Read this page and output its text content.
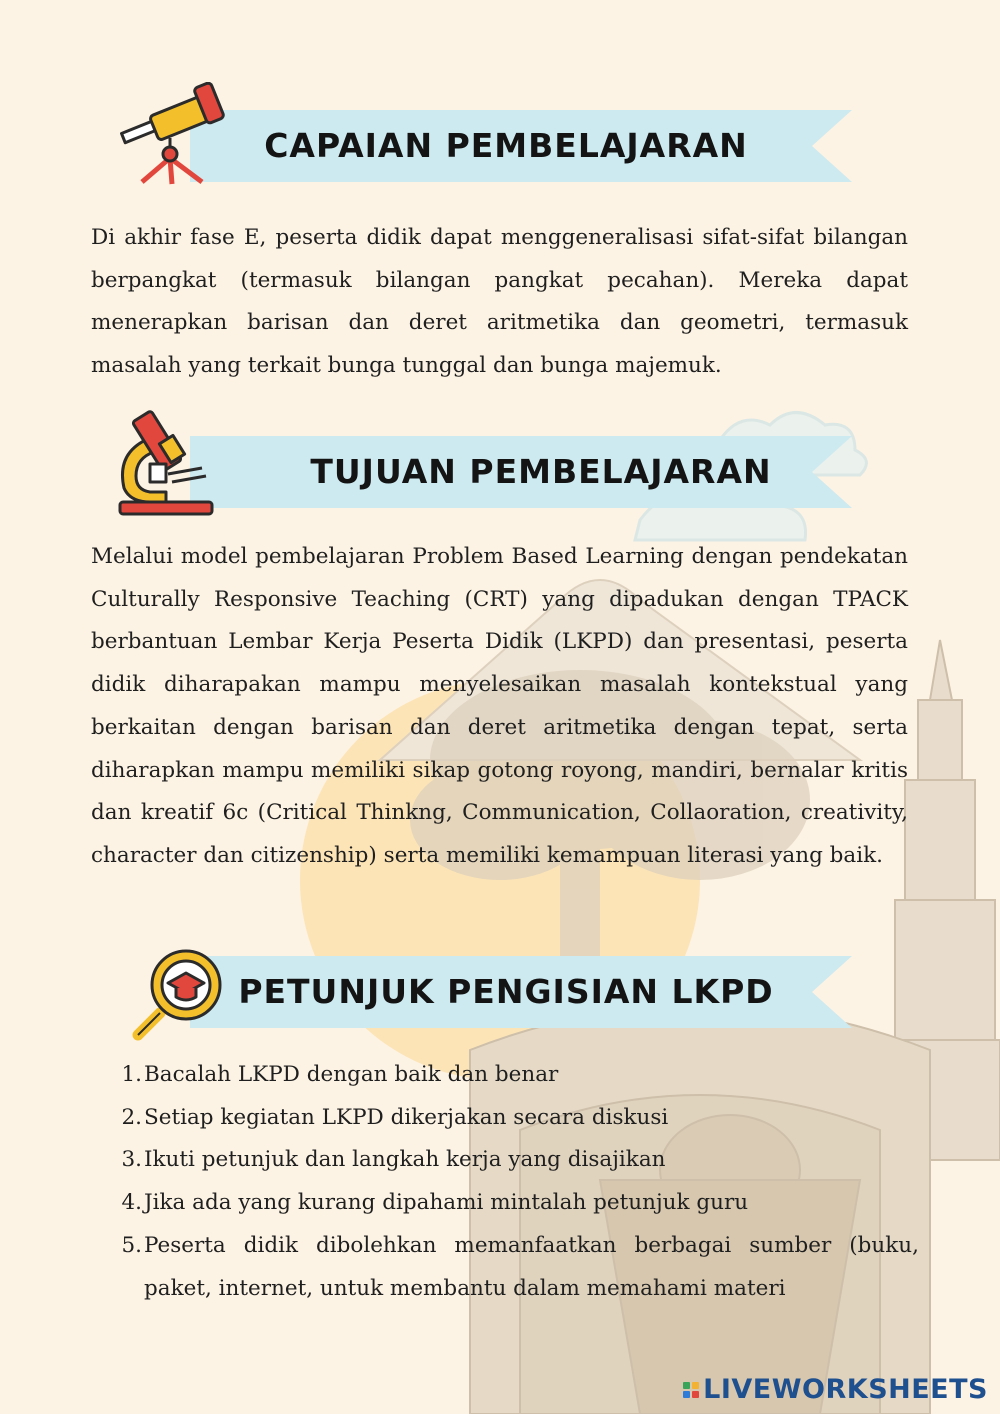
CAPAIAN PEMBELAJARAN
Di akhir fase E, peserta didik dapat menggeneralisasi sifat-sifat bilangan berpangkat (termasuk bilangan pangkat pecahan). Mereka dapat menerapkan barisan dan deret aritmetika dan geometri, termasuk masalah yang terkait bunga tunggal dan bunga majemuk.
TUJUAN PEMBELAJARAN
Melalui model pembelajaran Problem Based Learning dengan pendekatan Culturally Responsive Teaching (CRT) yang dipadukan dengan TPACK berbantuan Lembar Kerja Peserta Didik (LKPD) dan presentasi, peserta didik diharapakan mampu menyelesaikan masalah kontekstual yang berkaitan dengan barisan dan deret aritmetika dengan tepat, serta diharapkan mampu memiliki sikap gotong royong, mandiri, bernalar kritis dan kreatif 6c (Critical Thinkng, Communication, Collaoration, creativity, character dan citizenship) serta memiliki kemampuan literasi yang baik.
PETUNJUK PENGISIAN LKPD
1. Bacalah LKPD dengan baik dan benar
2. Setiap kegiatan LKPD dikerjakan secara diskusi
3. Ikuti petunjuk dan langkah kerja yang disajikan
4. Jika ada yang kurang dipahami mintalah petunjuk guru
5. Peserta didik dibolehkan memanfaatkan berbagai sumber (buku, paket, internet, untuk membantu dalam memahami materi
LIVEWORKSHEETS
